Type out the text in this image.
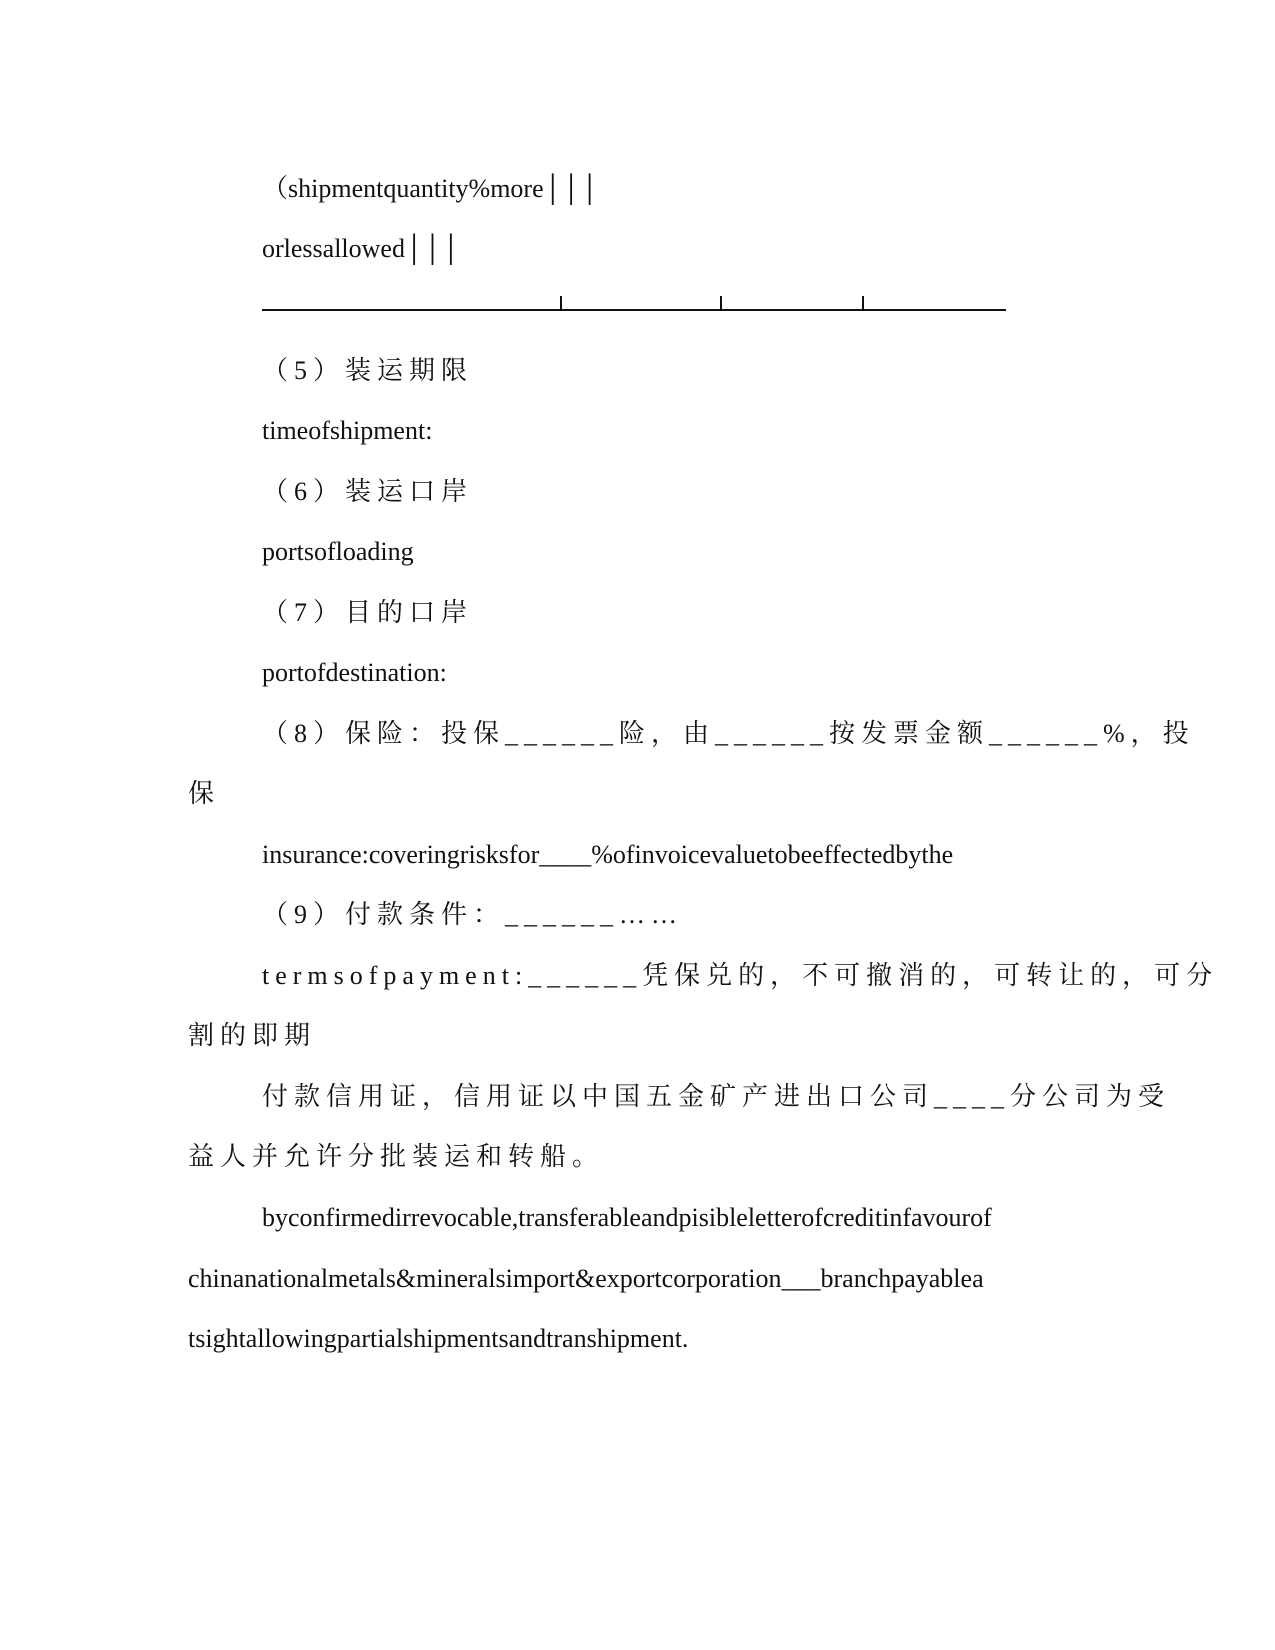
（shipmentquantity%more│││
orlessallowed│││
（5）装运期限
timeofshipment:
（6）装运口岸
portsofloading
（7）目的口岸
portofdestination:
（8）保险：投保______险，由______按发票金额______%，投
保
insurance:coveringrisksfor____%ofinvoicevaluetobeeffectedbythe
（9）付款条件：______……
termsofpayment:______凭保兑的，不可撤消的，可转让的，可分
割的即期
付款信用证，信用证以中国五金矿产进出口公司____分公司为受
益人并允许分批装运和转船。
byconfirmedirrevocable,transferableandpisibleletterofcreditinfavourof
chinanationalmetals&mineralsimport&exportcorporation___branchpayablea
tsightallowingpartialshipmentsandtranshipment.
